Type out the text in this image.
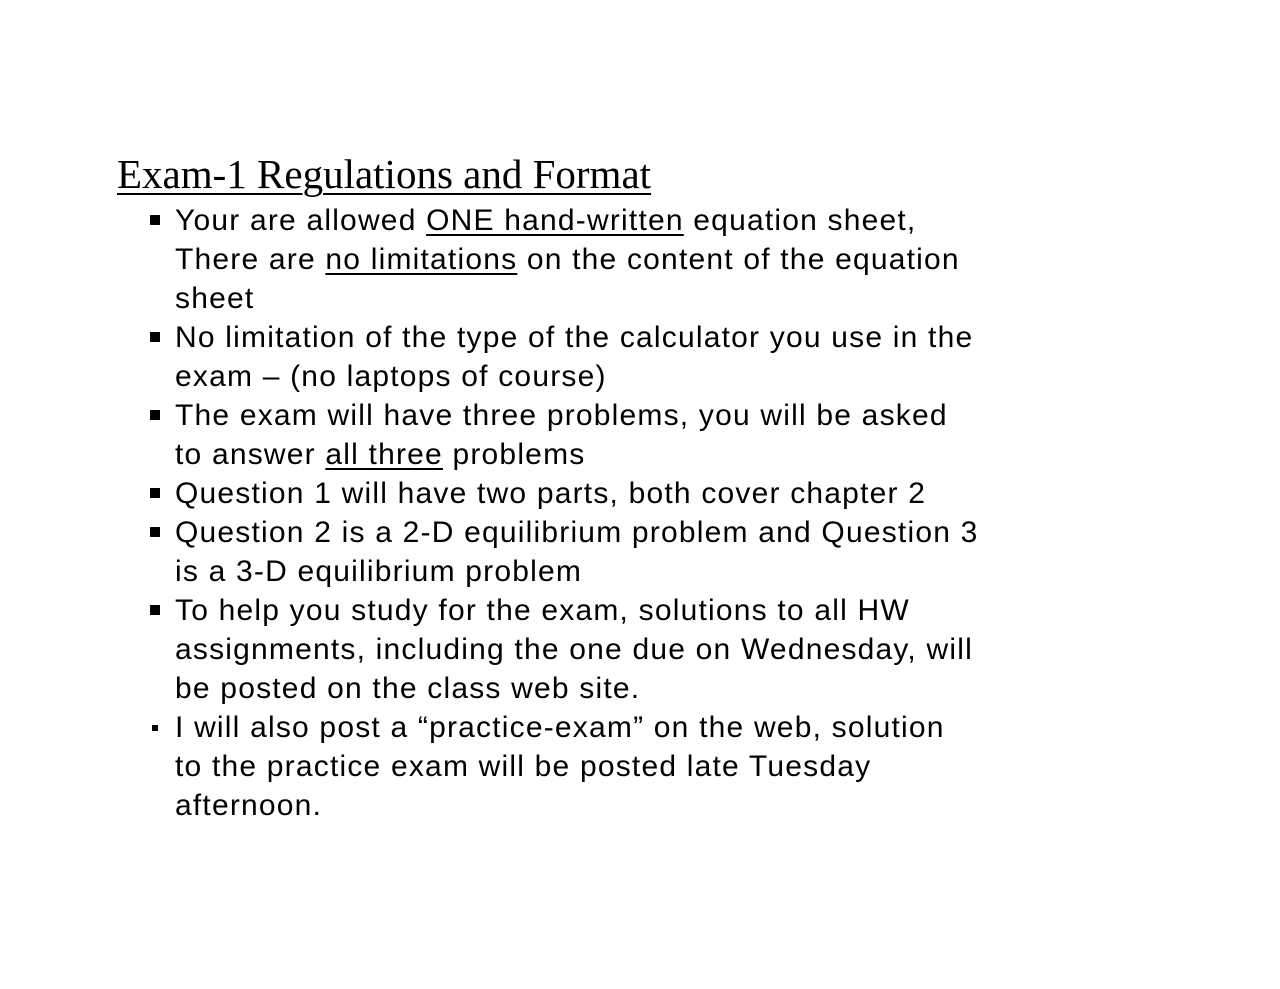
Exam-1 Regulations and Format
Your are allowed ONE hand-written equation sheet,
There are no limitations on the content of the equation
sheet
No limitation of the type of the calculator you use in the
exam – (no laptops of course)
The exam will have three problems, you will be asked
to answer all three problems
Question 1 will have two parts, both cover chapter 2
Question 2 is a 2-D equilibrium problem and Question 3
is a 3-D equilibrium problem
To help you study for the exam, solutions to all HW
assignments, including the one due on Wednesday, will
be posted on the class web site.
I will also post a “practice-exam” on the web, solution
to the practice exam will be posted late Tuesday
afternoon.
